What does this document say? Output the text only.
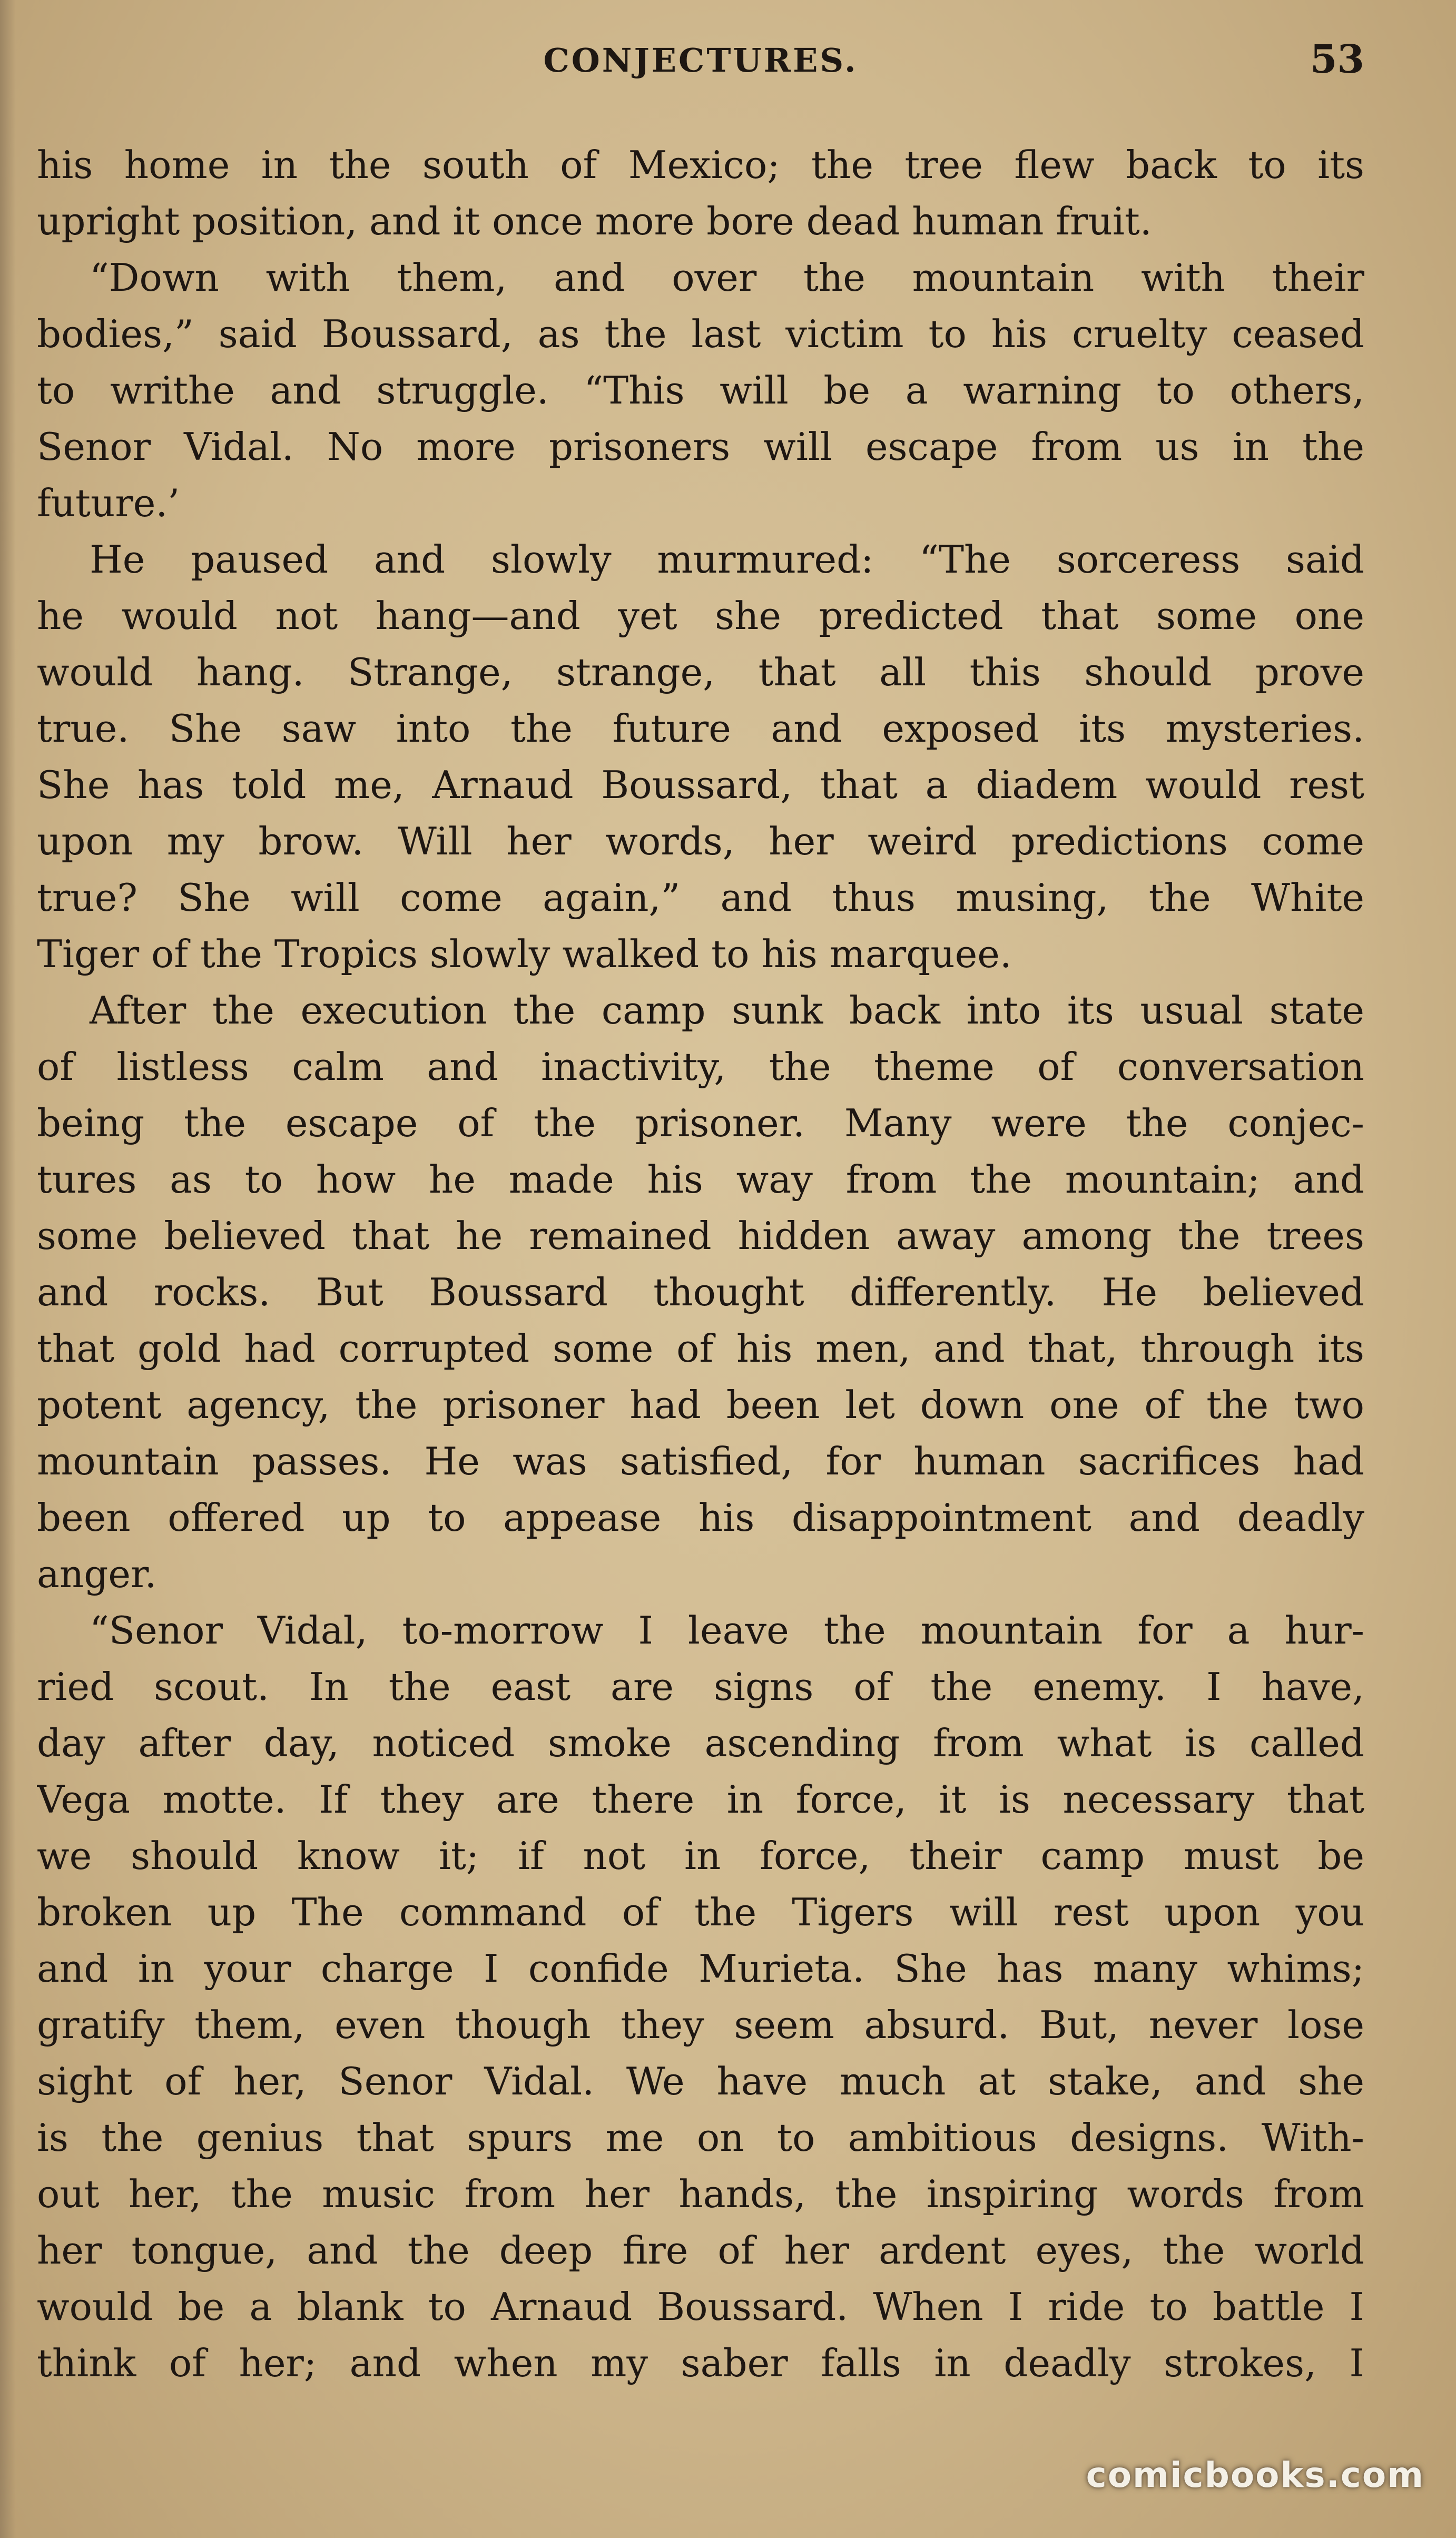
CONJECTURES.	53
his home in the south of Mexico; the tree flew back to its
upright position, and it once more bore dead human fruit.
“Down with them, and over the mountain with their
bodies,” said Boussard, as the last victim to his cruelty ceased
to writhe and struggle. “This will be a warning to others,
Senor Vidal. No more prisoners will escape from us in the
future.’
He paused and slowly murmured: “The sorceress said
he would not hang—and yet she predicted that some one
would hang. Strange, strange, that all this should prove
true. She saw into the future and exposed its mysteries.
She has told me, Arnaud Boussard, that a diadem would rest
upon my brow. Will her words, her weird predictions come
true? She will come again,” and thus musing, the White
Tiger of the Tropics slowly walked to his marquee.
After the execution the camp sunk back into its usual state
of listless calm and inactivity, the theme of conversation
being the escape of the prisoner. Many were the conjec-
tures as to how he made his way from the mountain; and
some believed that he remained hidden away among the trees
and rocks. But Boussard thought differently. He believed
that gold had corrupted some of his men, and that, through its
potent agency, the prisoner had been let down one of the two
mountain passes. He was satisfied, for human sacrifices had
been offered up to appease his disappointment and deadly
anger.
“Senor Vidal, to-morrow I leave the mountain for a hur-
ried scout. In the east are signs of the enemy. I have,
day after day, noticed smoke ascending from what is called
Vega motte. If they are there in force, it is necessary that
we should know it; if not in force, their camp must be
broken up The command of the Tigers will rest upon you
and in your charge I confide Murieta. She has many whims;
gratify them, even though they seem absurd. But, never lose
sight of her, Senor Vidal. We have much at stake, and she
is the genius that spurs me on to ambitious designs. With-
out her, the music from her hands, the inspiring words from
her tongue, and the deep fire of her ardent eyes, the world
would be a blank to Arnaud Boussard. When I ride to battle I
think of her; and when my saber falls in deadly strokes, I
comicbooks.com
